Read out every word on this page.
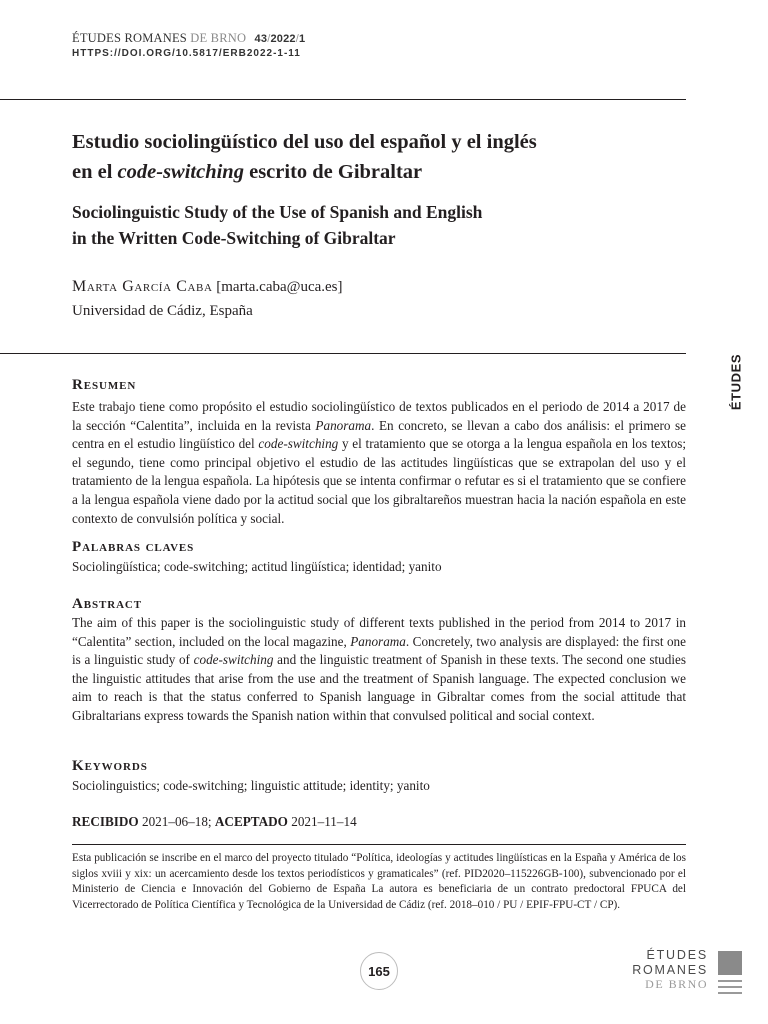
ÉTUDES ROMANES DE BRNO 43/2022/1
HTTPS://DOI.ORG/10.5817/ERB2022-1-11
Estudio sociolingüístico del uso del español y el inglés
en el code-switching escrito de Gibraltar
Sociolinguistic Study of the Use of Spanish and English
in the Written Code-Switching of Gibraltar
Marta García Caba [marta.caba@uca.es]
Universidad de Cádiz, España
ÉTUDES
Resumen
Este trabajo tiene como propósito el estudio sociolingüístico de textos publicados en el periodo de 2014 a 2017 de la sección “Calentita”, incluida en la revista Panorama. En concreto, se llevan a cabo dos análisis: el primero se centra en el estudio lingüístico del code-switching y el tratamiento que se otorga a la lengua española en los textos; el segundo, tiene como principal objetivo el estudio de las actitudes lingüísticas que se extrapolan del uso y el tratamiento de la lengua española. La hipótesis que se intenta confirmar o refutar es si el tratamiento que se confiere a la lengua española viene dado por la actitud social que los gibraltareños muestran hacia la nación española en este contexto de convulsión política y social.
Palabras claves
Sociolingüística; code-switching; actitud lingüística; identidad; yanito
Abstract
The aim of this paper is the sociolinguistic study of different texts published in the period from 2014 to 2017 in “Calentita” section, included on the local magazine, Panorama. Concretely, two analysis are displayed: the first one is a linguistic study of code-switching and the linguistic treatment of Spanish in these texts. The second one studies the linguistic attitudes that arise from the use and the treatment of Spanish language. The expected conclusion we aim to reach is that the status conferred to Spanish language in Gibraltar comes from the social attitude that Gibraltarians express towards the Spanish nation within that convulsed political and social context.
Keywords
Sociolinguistics; code-switching; linguistic attitude; identity; yanito
RECIBIDO 2021–06–18; ACEPTADO 2021–11–14
Esta publicación se inscribe en el marco del proyecto titulado “Política, ideologías y actitudes lingüísticas en la España y América de los siglos xviii y xix: un acercamiento desde los textos periodísticos y gramaticales” (ref. PID2020–115226GB-100), subvencionado por el Ministerio de Ciencia e Innovación del Gobierno de España La autora es beneficiaria de un contrato predoctoral FPUCA del Vicerrectorado de Política Científica y Tecnológica de la Universidad de Cádiz (ref. 2018–010 / PU / EPIF-FPU-CT / CP).
165
ÉTUDES
ROMANES
DE BRNO
